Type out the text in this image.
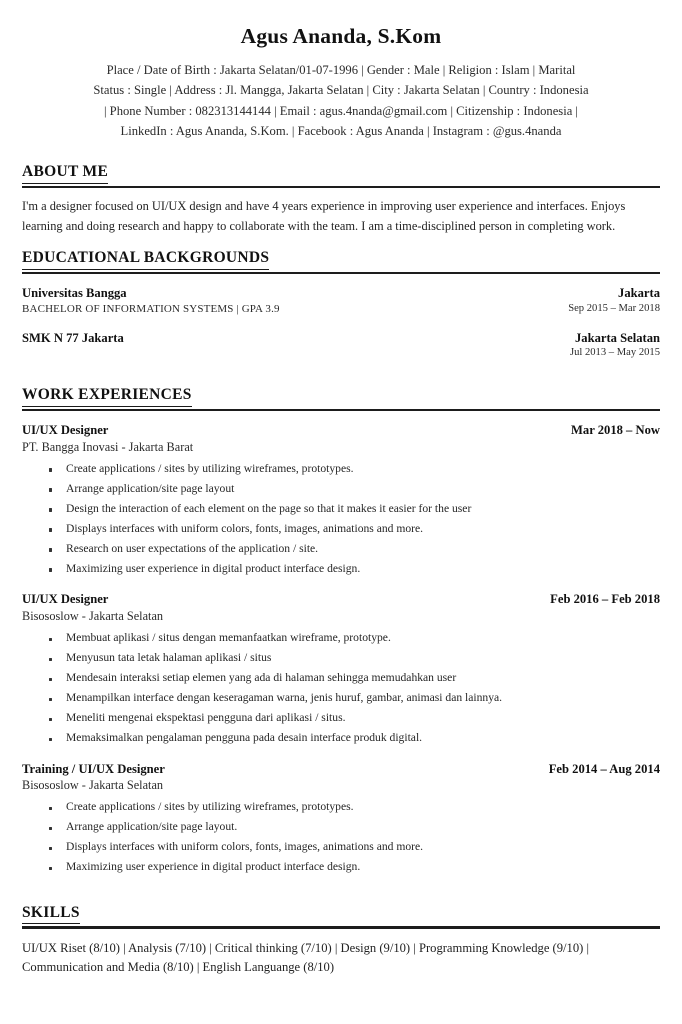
Agus Ananda, S.Kom
Place / Date of Birth : Jakarta Selatan/01-07-1996 | Gender : Male | Religion : Islam | Marital
Status : Single | Address : Jl. Mangga, Jakarta Selatan | City : Jakarta Selatan | Country : Indonesia
| Phone Number : 082313144144 | Email : agus.4nanda@gmail.com | Citizenship : Indonesia |
LinkedIn : Agus Ananda, S.Kom. | Facebook : Agus Ananda | Instagram : @gus.4nanda
ABOUT ME

I'm a designer focused on UI/UX design and have 4 years experience in improving user experience and interfaces. Enjoys learning and doing research and happy to collaborate with the team. I am a time-disciplined person in completing work.

EDUCATIONAL BACKGROUNDS
Universitas Bangga
BACHELOR OF INFORMATION SYSTEMS | GPA 3.9
Jakarta
Sep 2015 – Mar 2018
SMK N 77 Jakarta	Jakarta Selatan
Jul 2013 – May 2015
WORK EXPERIENCES
UI/UX Designer
PT. Bangga Inovasi - Jakarta Barat
Mar 2018 – Now
Create applications / sites by utilizing wireframes, prototypes.
Arrange application/site page layout
Design the interaction of each element on the page so that it makes it easier for the user
Displays interfaces with uniform colors, fonts, images, animations and more.
Research on user expectations of the application / site.
Maximizing user experience in digital product interface design.
UI/UX Designer
Bisososlow - Jakarta Selatan
Feb 2016 – Feb 2018
Membuat aplikasi / situs dengan memanfaatkan wireframe, prototype.
Menyusun tata letak halaman aplikasi / situs
Mendesain interaksi setiap elemen yang ada di halaman sehingga memudahkan user
Menampilkan interface dengan keseragaman warna, jenis huruf, gambar, animasi dan lainnya.
Meneliti mengenai ekspektasi pengguna dari aplikasi / situs.
Memaksimalkan pengalaman pengguna pada desain interface produk digital.
Training / UI/UX Designer
Bisososlow - Jakarta Selatan
Feb 2014 – Aug 2014
Create applications / sites by utilizing wireframes, prototypes.
Arrange application/site page layout.
Displays interfaces with uniform colors, fonts, images, animations and more.
Maximizing user experience in digital product interface design.
SKILLS

UI/UX Riset (8/10) | Analysis (7/10) | Critical thinking (7/10) | Design (9/10) | Programming Knowledge (9/10) |
Communication and Media (8/10) | English Languange (8/10)
